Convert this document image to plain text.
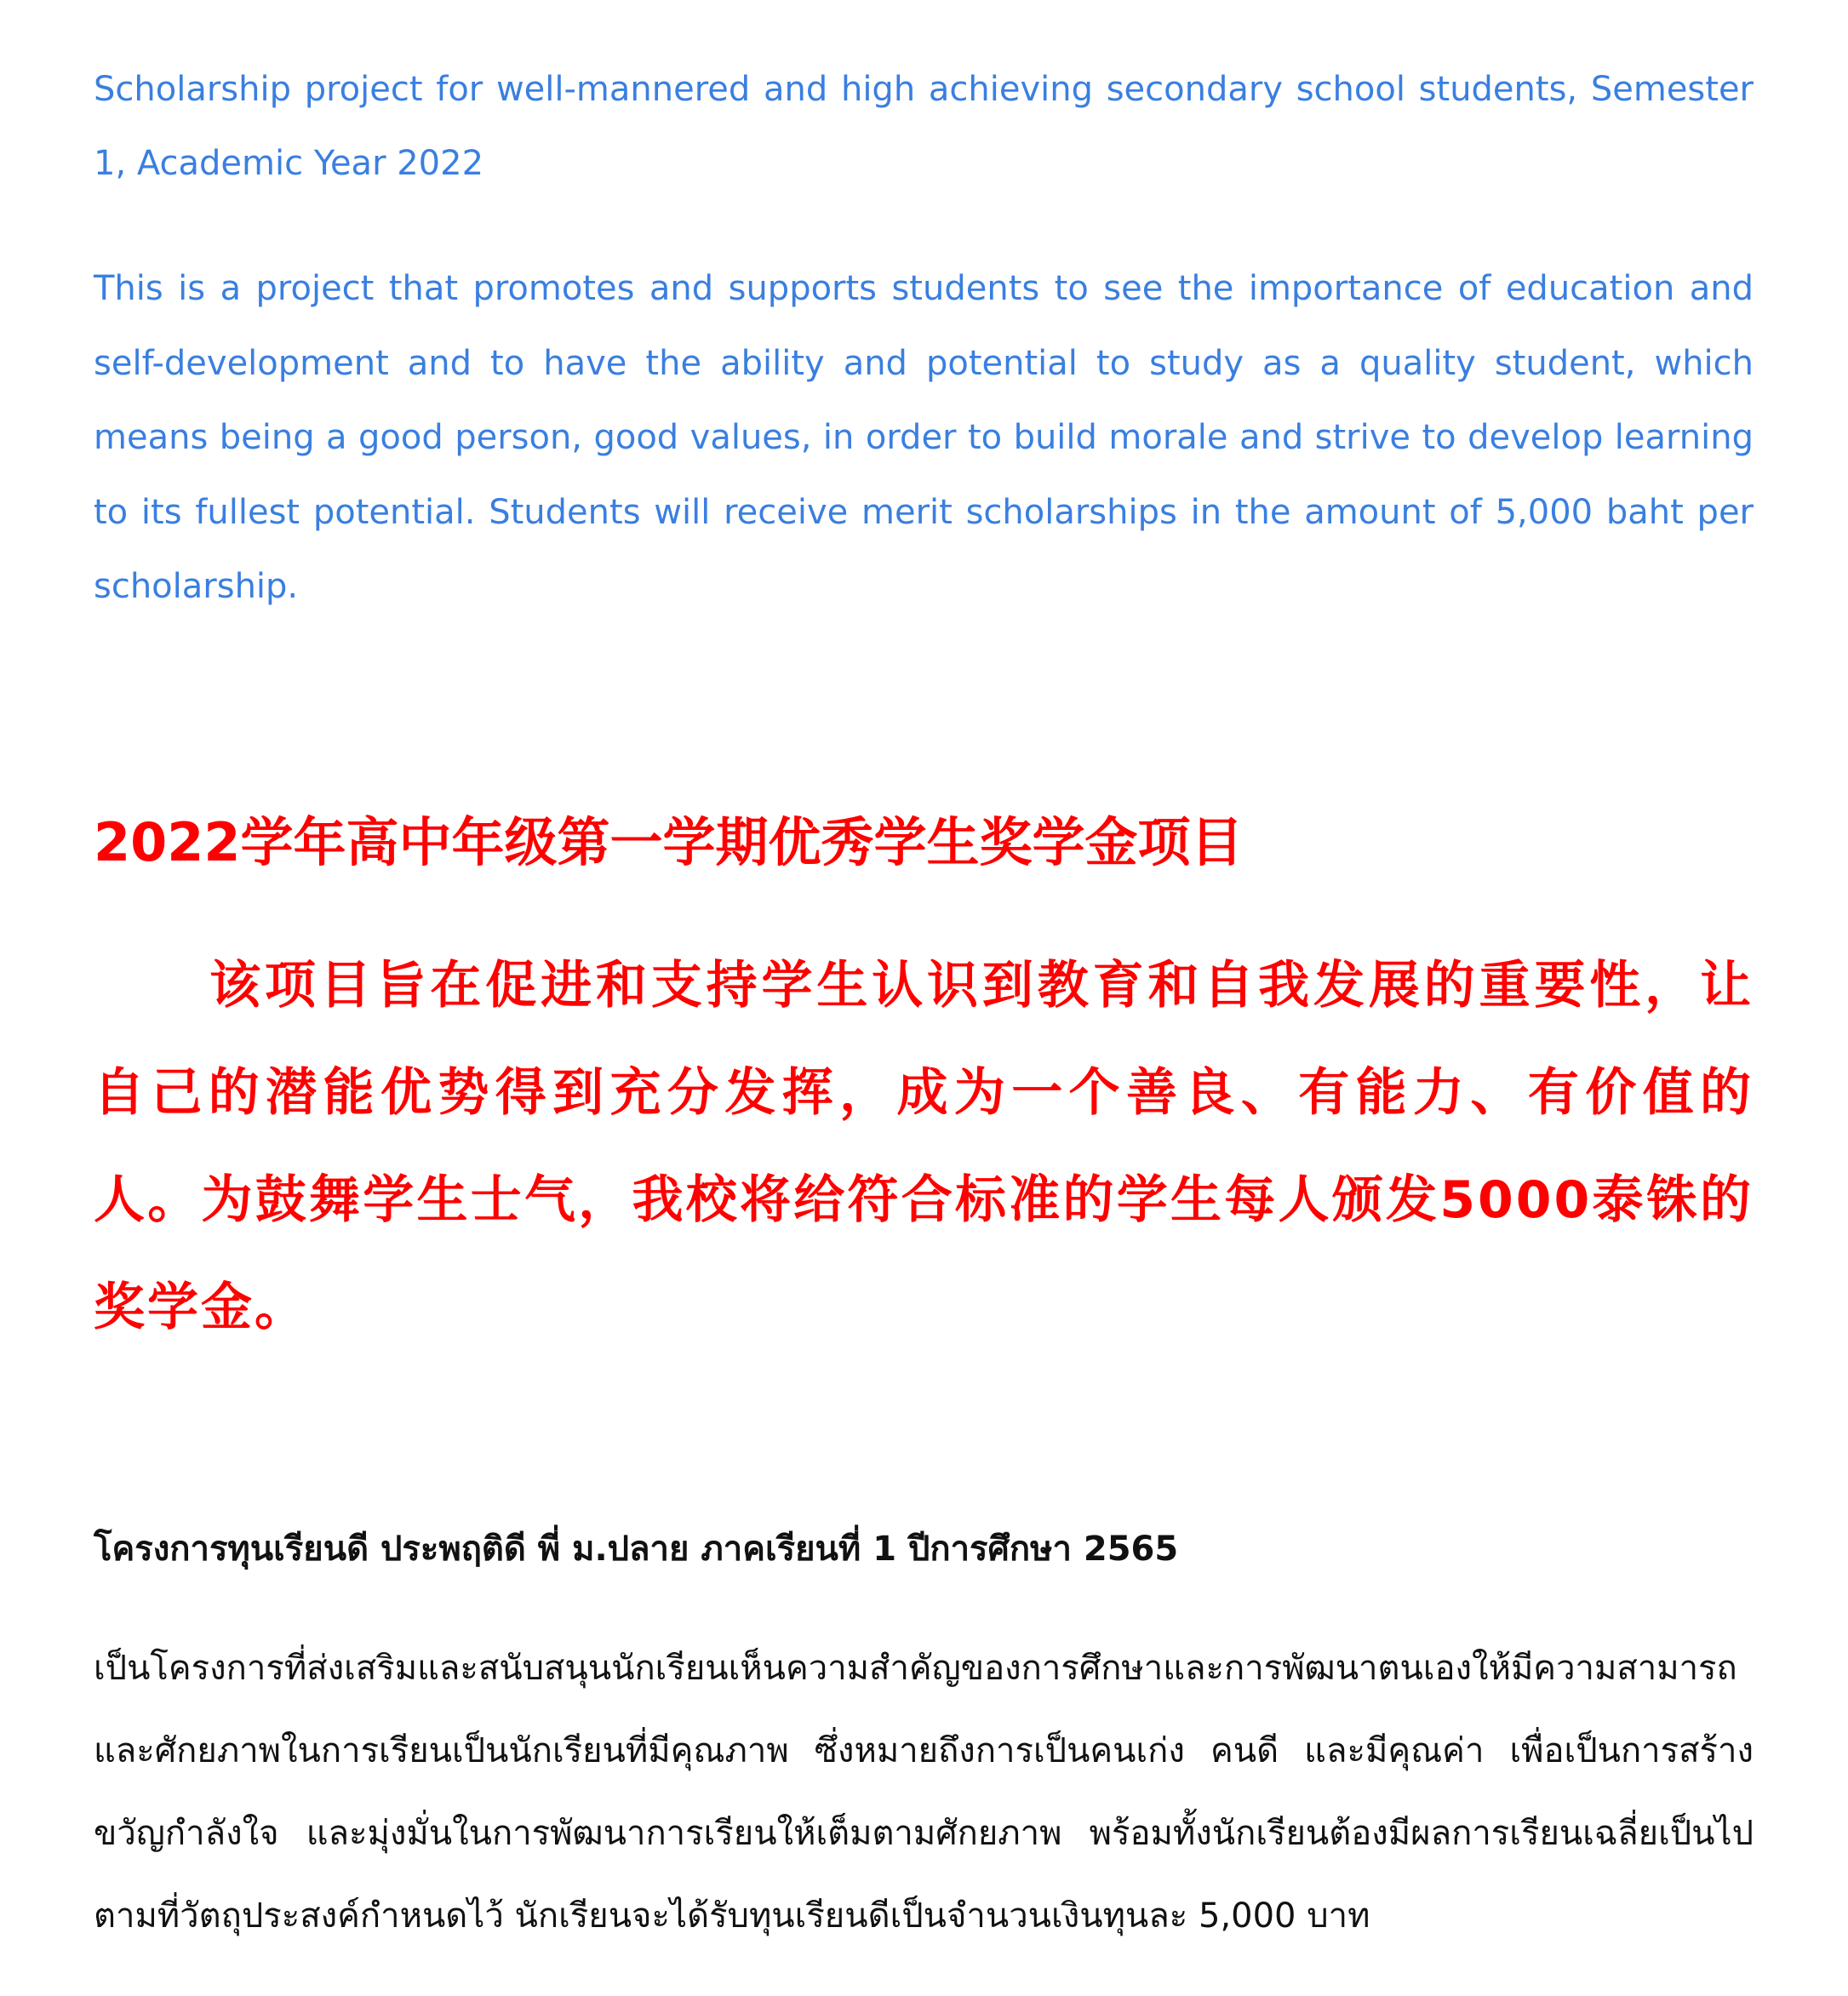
Scholarship project for well-mannered and high achieving secondary school students, Semester 1, Academic Year 2022

This is a project that promotes and supports students to see the importance of education and self-development and to have the ability and potential to study as a quality student, which means being a good person, good values, in order to build morale and strive to develop learning to its fullest potential. Students will receive merit scholarships in the amount of 5,000 baht per scholarship.

2022学年高中年级第一学期优秀学生奖学金项目

该项目旨在促进和支持学生认识到教育和自我发展的重要性，让自己的潜能优势得到充分发挥，成为一个善良、有能力、有价值的人。为鼓舞学生士气，我校将给符合标准的学生每人颁发5000泰铢的奖学金。

โครงการทุนเรียนดี ประพฤติดี พี่ ม.ปลาย ภาคเรียนที่ 1 ปีการศึกษา 2565

เป็นโครงการที่ส่งเสริมและสนับสนุนนักเรียนเห็นความสำคัญของการศึกษาและการพัฒนาตนเองให้มีความสามารถและศักยภาพในการเรียนเป็นนักเรียนที่มีคุณภาพ ซึ่งหมายถึงการเป็นคนเก่ง คนดี และมีคุณค่า เพื่อเป็นการสร้างขวัญกำลังใจ และมุ่งมั่นในการพัฒนาการเรียนให้เต็มตามศักยภาพ พร้อมทั้งนักเรียนต้องมีผลการเรียนเฉลี่ยเป็นไปตามที่วัตถุประสงค์กำหนดไว้ นักเรียนจะได้รับทุนเรียนดีเป็นจำนวนเงินทุนละ 5,000 บาท
